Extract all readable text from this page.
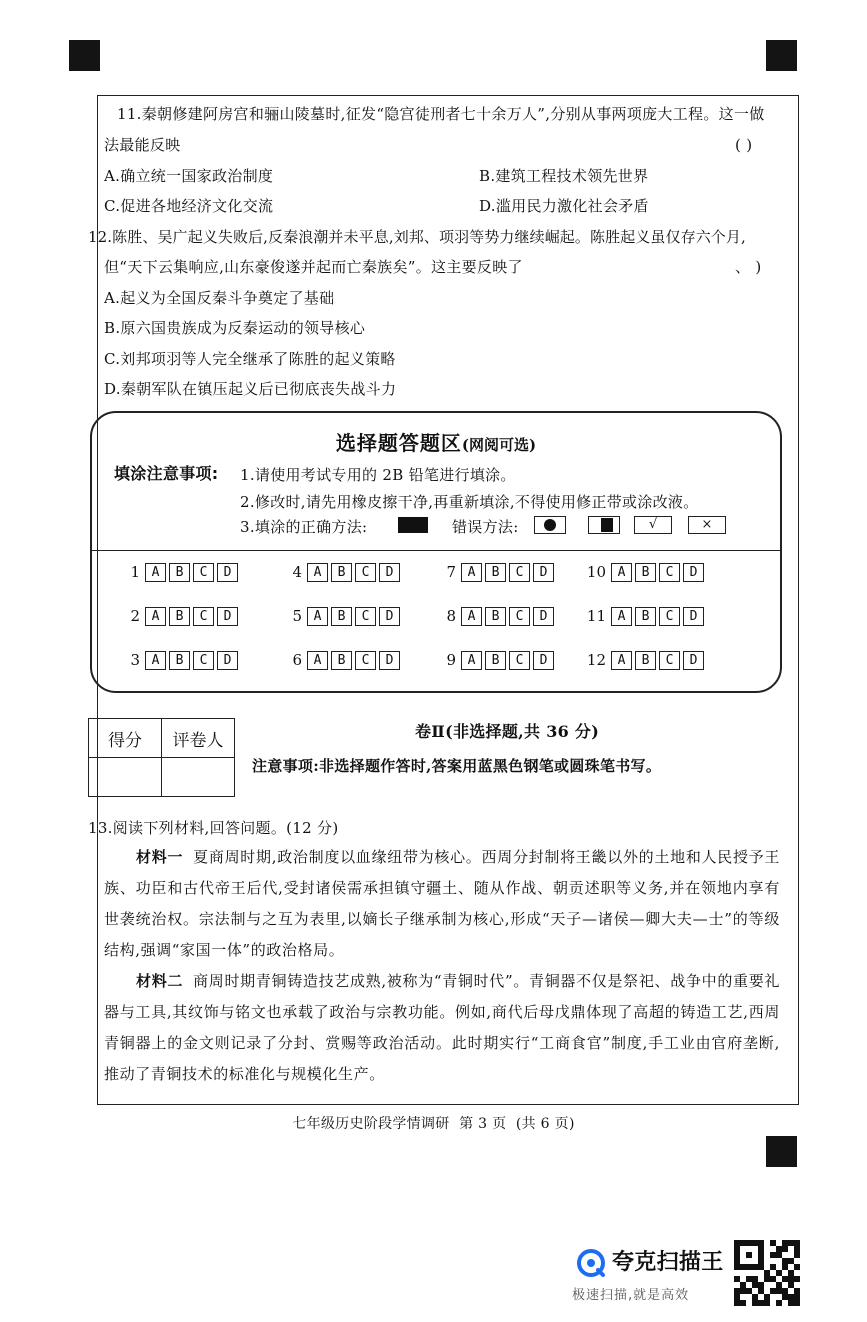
11.秦朝修建阿房宫和骊山陵墓时,征发“隐宫徒刑者七十余万人”,分别从事两项庞大工程。这一做
法最能反映	( )
A.确立统一国家政治制度	B.建筑工程技术领先世界
C.促进各地经济文化交流	D.滥用民力激化社会矛盾
12.陈胜、吴广起义失败后,反秦浪潮并未平息,刘邦、项羽等势力继续崛起。陈胜起义虽仅存六个月,
但“天下云集响应,山东豪俊遂并起而亡秦族矣”。这主要反映了	、 )
A.起义为全国反秦斗争奠定了基础
B.原六国贵族成为反秦运动的领导核心
C.刘邦项羽等人完全继承了陈胜的起义策略
D.秦朝军队在镇压起义后已彻底丧失战斗力
选择题答题区(网阅可选)
填涂注意事项: 1.请使用考试专用的 2B 铅笔进行填涂。
2.修改时,请先用橡皮擦干净,再重新填涂,不得使用修正带或涂改液。
3.填涂的正确方法:	错误方法:	√	×
1 A	B	C	D
2 A	B	C	D
3 A	B	C	D
4 A	B	C	D
5 A	B	C	D
6 A	B	C	D
7 A	B	C	D
8 A	B	C	D
9 A	B	C	D
10 A	B	C	D
11 A	B	C	D
12 A	B	C	D
得分	评卷人
		卷Ⅱ(非选择题,共 36 分)
注意事项:非选择题作答时,答案用蓝黑色钢笔或圆珠笔书写。
13.阅读下列材料,回答问题。(12 分)
材料一 夏商周时期,政治制度以血缘纽带为核心。西周分封制将王畿以外的土地和人民授予王族、功臣和古代帝王后代,受封诸侯需承担镇守疆土、随从作战、朝贡述职等义务,并在领地内享有世袭统治权。宗法制与之互为表里,以嫡长子继承制为核心,形成“天子—诸侯—卿大夫—士”的等级结构,强调“家国一体”的政治格局。
材料二 商周时期青铜铸造技艺成熟,被称为“青铜时代”。青铜器不仅是祭祀、战争中的重要礼器与工具,其纹饰与铭文也承载了政治与宗教功能。例如,商代后母戊鼎体现了高超的铸造工艺,西周青铜器上的金文则记录了分封、赏赐等政治活动。此时期实行“工商食官”制度,手工业由官府垄断,推动了青铜技术的标准化与规模化生产。
七年级历史阶段学情调研  第 3 页  (共 6 页)
夸克扫描王
极速扫描,就是高效
